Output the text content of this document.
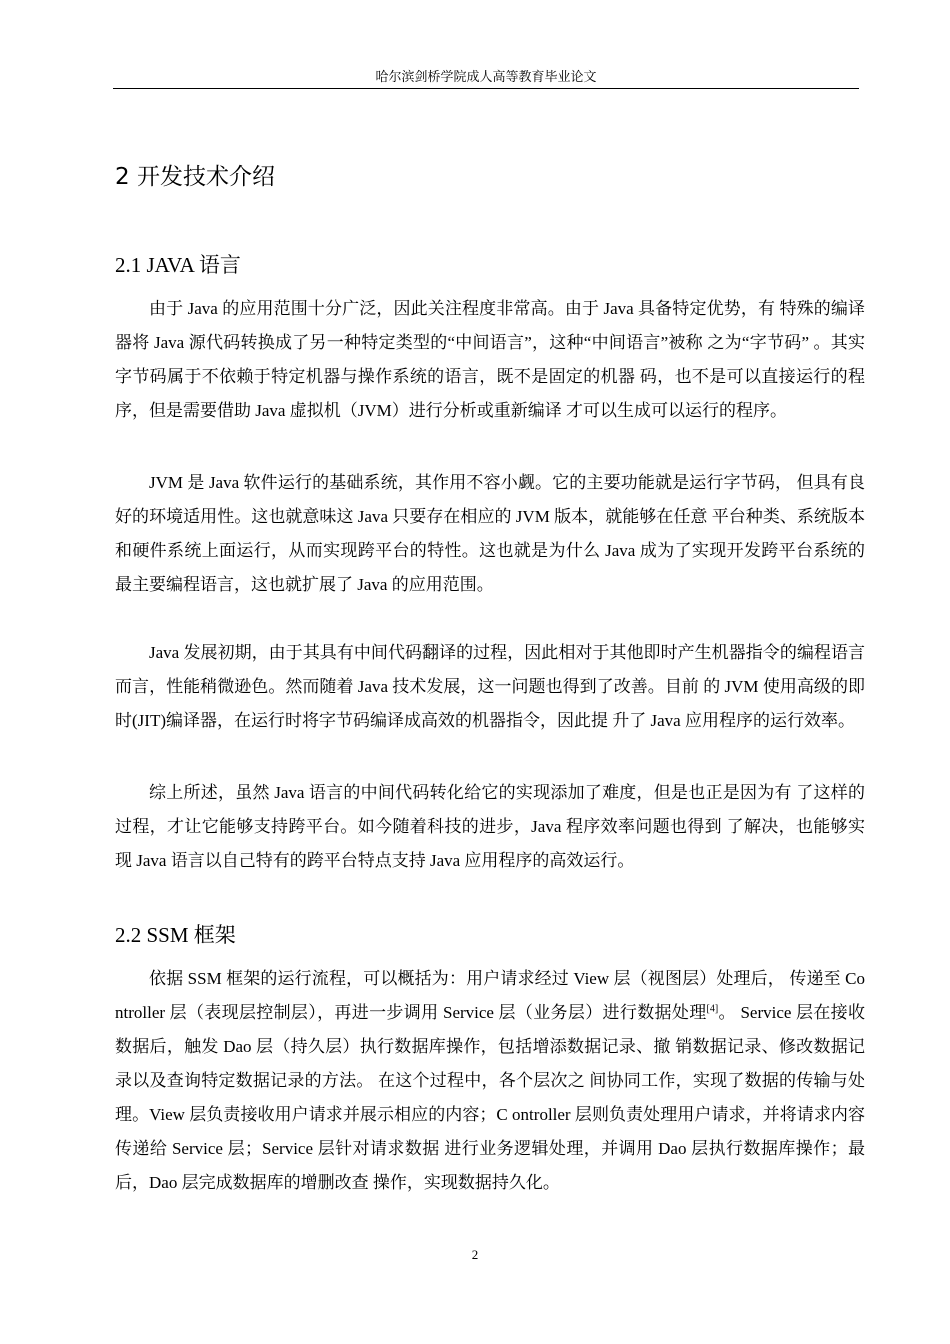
哈尔滨剑桥学院成人高等教育毕业论文
2 开发技术介绍
2.1 JAVA 语言

由于 Java 的应用范围十分广泛，因此关注程度非常高。由于 Java 具备特定优势，有 特殊的编译器将 Java 源代码转换成了另一种特定类型的“中间语言”，这种“中间语言”被称 之为“字节码” 。其实字节码属于不依赖于特定机器与操作系统的语言，既不是固定的机器 码，也不是可以直接运行的程序，但是需要借助 Java 虚拟机（JVM）进行分析或重新编译 才可以生成可以运行的程序。

JVM 是 Java 软件运行的基础系统，其作用不容小觑。它的主要功能就是运行字节码， 但具有良好的环境适用性。这也就意味这 Java 只要存在相应的 JVM 版本，就能够在任意 平台种类、系统版本和硬件系统上面运行，从而实现跨平台的特性。这也就是为什么 Java 成为了实现开发跨平台系统的最主要编程语言，这也就扩展了 Java 的应用范围。

Java 发展初期，由于其具有中间代码翻译的过程，因此相对于其他即时产生机器指令的编程语言而言，性能稍微逊色。然而随着 Java 技术发展，这一问题也得到了改善。目前 的 JVM 使用高级的即时(JIT)编译器，在运行时将字节码编译成高效的机器指令，因此提 升了 Java 应用程序的运行效率。

综上所述，虽然 Java 语言的中间代码转化给它的实现添加了难度，但是也正是因为有 了这样的过程，才让它能够支持跨平台。如今随着科技的进步，Java 程序效率问题也得到 了解决，也能够实现 Java 语言以自己特有的跨平台特点支持 Java 应用程序的高效运行。

2.2 SSM 框架

依据 SSM 框架的运行流程，可以概括为：用户请求经过 View 层（视图层）处理后， 传递至 Controller 层（表现层控制层），再进一步调用 Service 层（业务层）进行数据处理[4]。 Service 层在接收数据后，触发 Dao 层（持久层）执行数据库操作，包括增添数据记录、撤 销数据记录、修改数据记录以及查询特定数据记录的方法。 在这个过程中，各个层次之 间协同工作，实现了数据的传输与处理。View 层负责接收用户请求并展示相应的内容；C ontroller 层则负责处理用户请求，并将请求内容传递给 Service 层；Service 层针对请求数据 进行业务逻辑处理，并调用 Dao 层执行数据库操作；最后，Dao 层完成数据库的增删改查 操作，实现数据持久化。

2
